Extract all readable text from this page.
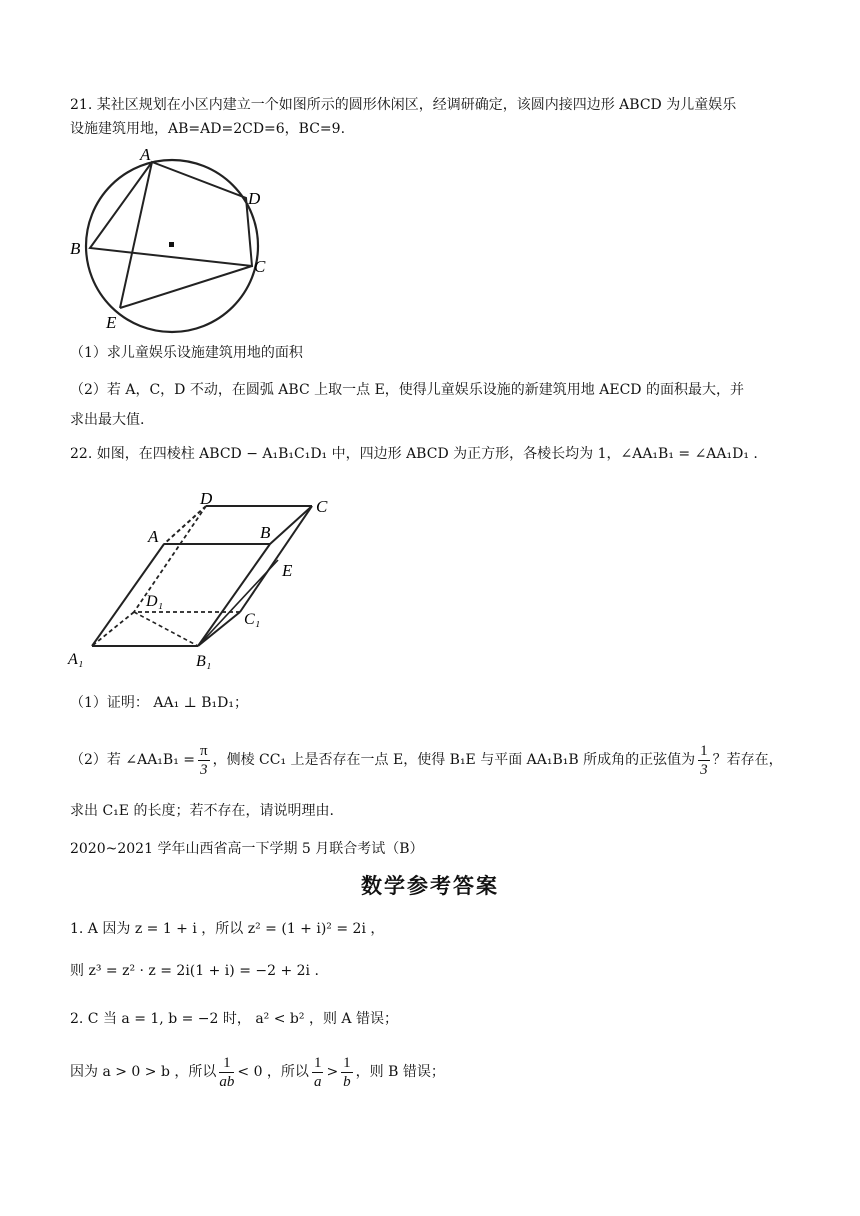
21. 某社区规划在小区内建立一个如图所示的圆形休闲区，经调研确定，该圆内接四边形 ABCD 为儿童娱乐
设施建筑用地，AB=AD=2CD=6，BC=9.
A
D
B
C
E
（1）求儿童娱乐设施建筑用地的面积
（2）若 A，C，D 不动，在圆弧 ABC 上取一点 E，使得儿童娱乐设施的新建筑用地 AECD 的面积最大，并
求出最大值.
22. 如图，在四棱柱 ABCD − A₁B₁C₁D₁ 中，四边形 ABCD 为正方形，各棱长均为 1，∠AA₁B₁ = ∠AA₁D₁ .
D	C
A	B
E
D₁
C₁
A₁	B₁
（1）证明： AA₁ ⊥ B₁D₁；
（2）若 ∠AA₁B₁ = $\frac{\pi}{3}$ ，侧棱 CC₁ 上是否存在一点 E，使得 B₁E 与平面 AA₁B₁B 所成角的正弦值为 $\frac{1}{3}$ ？若存在，
求出 C₁E 的长度；若不存在，请说明理由.
2020~2021 学年山西省高一下学期 5 月联合考试（B）
数学参考答案
1. A 因为 z = 1 + i ，所以 z² = (1 + i)² = 2i ，
则 z³ = z² · z = 2i(1 + i) = −2 + 2i .
2. C 当 a = 1, b = −2 时， a² < b² ，则 A 错误；
因为 a > 0 > b ，所以 $\frac{1}{ab} < 0$ ，所以 $\frac{1}{a} > \frac{1}{b}$ ，则 B 错误；
